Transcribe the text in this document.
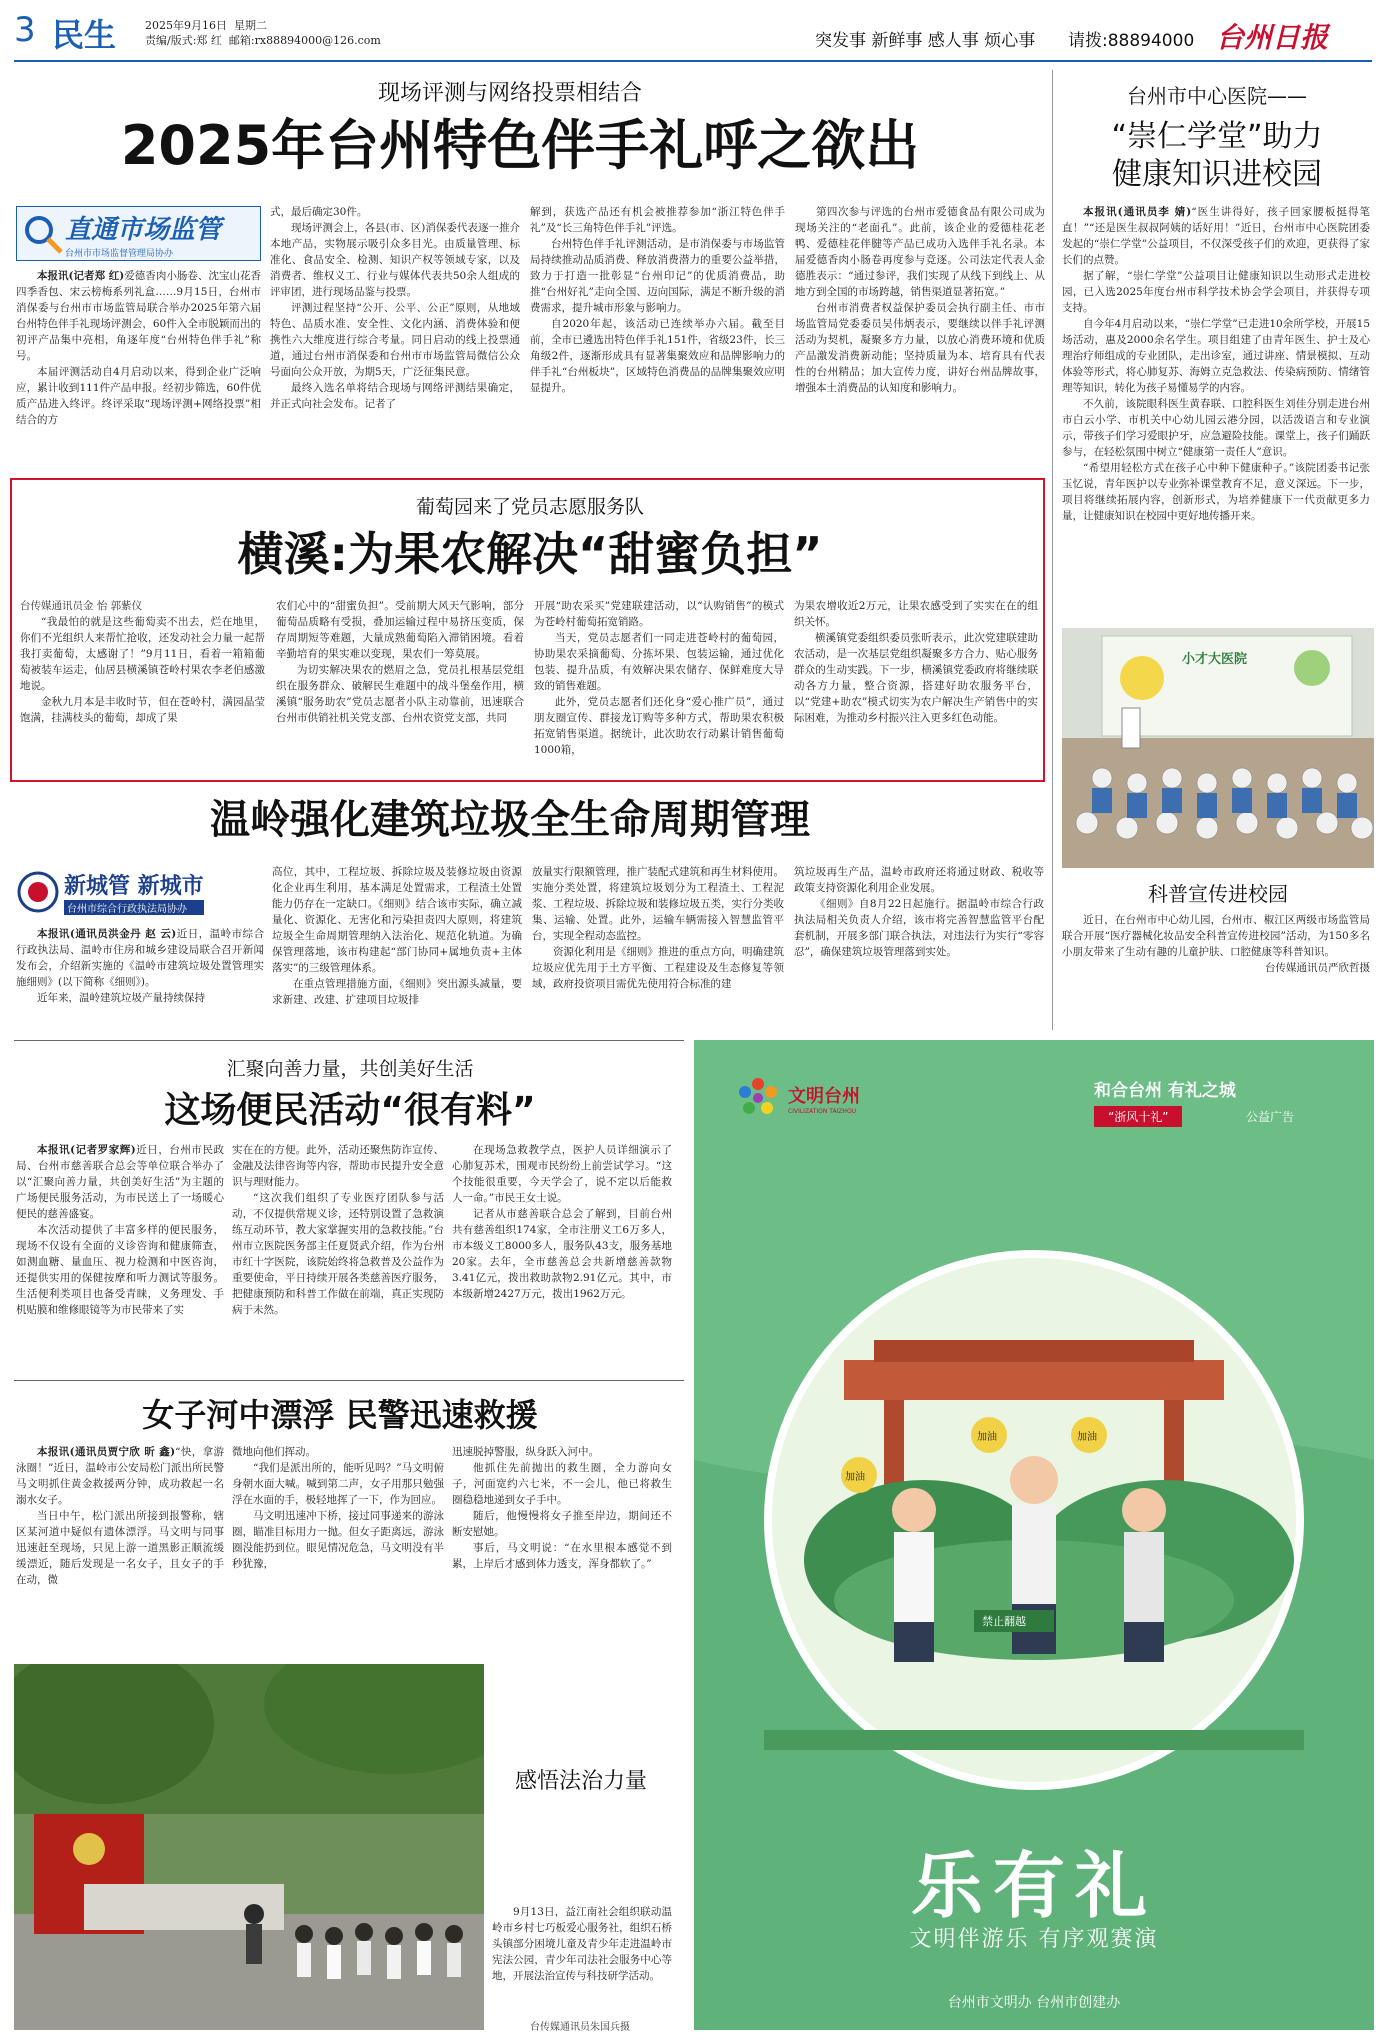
3 民生	2025年9月16日 星期二
责编/版式:郑 红 邮箱:rx88894000@126.com	突发事 新鲜事 感人事 烦心事 请拨:88894000 台州日报
现场评测与网络投票相结合
2025年台州特色伴手礼呼之欲出
直通市场监管
台州市市场监督管理局协办

本报讯(记者郑 红)爱德香肉小肠卷、沈宝山花香四季香包、宋云榜梅系列礼盒……9月15日，台州市消保委与台州市市场监管局联合举办2025年第六届台州特色伴手礼现场评测会，60件入全市脱颖而出的初评产品集中亮相，角逐年度“台州特色伴手礼”称号。

本届评测活动自4月启动以来，得到企业广泛响应，累计收到111件产品申报。经初步筛选，60件优质产品进入终评。终评采取“现场评测+网络投票”相结合的方

式，最后确定30件。

现场评测会上，各县(市、区)消保委代表逐一推介本地产品，实物展示吸引众多目光。由质量管理、标准化、食品安全、检测、知识产权等领域专家，以及消费者、维权义工、行业与媒体代表共50余人组成的评审团，进行现场品鉴与投票。

评测过程坚持“公开、公平、公正”原则，从地域特色、品质水准、安全性、文化内涵、消费体验和便携性六大维度进行综合考量。同日启动的线上投票通道，通过台州市消保委和台州市市场监管局微信公众号面向公众开放，为期5天，广泛征集民意。

最终入选名单将结合现场与网络评测结果确定，并正式向社会发布。记者了

解到，获选产品还有机会被推荐参加“浙江特色伴手礼”及“长三角特色伴手礼”评选。

台州特色伴手礼评测活动，是市消保委与市场监管局持续推动品质消费、释放消费潜力的重要公益举措，致力于打造一批彰显“台州印记”的优质消费品，助推“台州好礼”走向全国、迈向国际，满足不断升级的消费需求，提升城市形象与影响力。

自2020年起，该活动已连续举办六届。截至目前，全市已遴选出特色伴手礼151件，省级23件，长三角级2件，逐渐形成具有显著集聚效应和品牌影响力的伴手礼“台州板块”，区域特色消费品的品牌集聚效应明显提升。

第四次参与评选的台州市爱德食品有限公司成为现场关注的“老面孔”。此前，该企业的爱德桂花老鸭、爱德桂花伴腱等产品已成功入选伴手礼名录。本届爱德香肉小肠卷再度参与竞逐。公司法定代表人金德胜表示：“通过参评，我们实现了从线下到线上、从地方到全国的市场跨越，销售渠道显著拓宽。”

台州市消费者权益保护委员会执行副主任、市市场监管局党委委员吴伟炳表示，要继续以伴手礼评测活动为契机，凝聚多方力量，以放心消费环境和优质产品激发消费新动能；坚持质量为本、培育具有代表性的台州精品；加大宣传力度，讲好台州品牌故事，增强本土消费品的认知度和影响力。

葡萄园来了党员志愿服务队
横溪:为果农解决“甜蜜负担”
台传媒通讯员金 怡 郭紫仪

“我最怕的就是这些葡萄卖不出去，烂在地里，你们不光组织人来帮忙抢收，还发动社会力量一起帮我打卖葡萄，太感谢了！”9月11日，看着一箱箱葡萄被装车运走，仙居县横溪镇苍岭村果农李老伯感激地说。

金秋九月本是丰收时节，但在苍岭村，满园晶莹饱满，挂满枝头的葡萄，却成了果

农们心中的“甜蜜负担”。受前期大风天气影响，部分葡萄品质略有受损，叠加运输过程中易挤压变质，保存周期短等难题，大量成熟葡萄陷入滞销困境。看着辛勤培育的果实难以变现，果农们一筹莫展。

为切实解决果农的燃眉之急，党员扎根基层党组织在服务群众、破解民生难题中的战斗堡垒作用，横溪镇“服务助农”党员志愿者小队主动靠前，迅速联合台州市供销社机关党支部、台州农资党支部，共同

开展“助农采买”党建联建活动，以“认购销售”的模式为苍岭村葡萄拓宽销路。

当天，党员志愿者们一同走进苍岭村的葡萄园，协助果农采摘葡萄、分拣坏果、包装运输，通过优化包装、提升品质，有效解决果农储存、保鲜难度大导致的销售难题。

此外，党员志愿者们还化身“爱心推广员”，通过朋友圈宣传、群接龙订购等多种方式，帮助果农积极拓宽销售渠道。据统计，此次助农行动累计销售葡萄1000箱，

为果农增收近2万元，让果农感受到了实实在在的组织关怀。

横溪镇党委组织委员张昕表示，此次党建联建助农活动，是一次基层党组织凝聚多方合力、贴心服务群众的生动实践。下一步，横溪镇党委政府将继续联动各方力量，整合资源，搭建好助农服务平台，以“党建+助农”模式切实为农户解决生产销售中的实际困难，为推动乡村振兴注入更多红色动能。

台州市中心医院——
“崇仁学堂”助力
健康知识进校园

本报讯(通讯员李 婧)“医生讲得好，孩子回家腰板挺得笔直！”“还是医生叔叔阿姨的话好用！”近日，台州市中心医院团委发起的“崇仁学堂”公益项目，不仅深受孩子们的欢迎，更获得了家长们的点赞。

据了解，“崇仁学堂”公益项目让健康知识以生动形式走进校园，已入选2025年度台州市科学技术协会学会项目，并获得专项支持。

自今年4月启动以来，“崇仁学堂”已走进10余所学校，开展15场活动，惠及2000余名学生。项目组建了由青年医生、护士及心理治疗师组成的专业团队，走出诊室，通过讲座、情景模拟、互动体验等形式，将心肺复苏、海姆立克急救法、传染病预防、情绪管理等知识，转化为孩子易懂易学的内容。

不久前，该院眼科医生黄春联、口腔科医生刘佳分别走进台州市白云小学、市机关中心幼儿园云港分园，以活泼语言和专业演示，带孩子们学习爱眼护牙，应急避险技能。课堂上，孩子们踊跃参与，在轻松氛围中树立“健康第一责任人”意识。

“希望用轻松方式在孩子心中种下健康种子。”该院团委书记张玉忆说，青年医护以专业弥补课堂教育不足，意义深远。下一步，项目将继续拓展内容，创新形式，为培养健康下一代贡献更多力量，让健康知识在校园中更好地传播开来。

小才大医院
科普宣传进校园

近日，在台州市中心幼儿园，台州市、椒江区两级市场监管局联合开展“医疗器械化妆品安全科普宣传进校园”活动，为150多名小朋友带来了生动有趣的儿童护肤、口腔健康等科普知识。

台传媒通讯员严欣哲摄

温岭强化建筑垃圾全生命周期管理
新城管 新城市
台州市综合行政执法局协办

本报讯(通讯员洪金丹 赵 云)近日，温岭市综合行政执法局、温岭市住房和城乡建设局联合召开新闻发布会，介绍新实施的《温岭市建筑垃圾处置管理实施细则》(以下简称《细则》)。

近年来，温岭建筑垃圾产量持续保持

高位，其中，工程垃圾、拆除垃圾及装修垃圾由资源化企业再生利用，基本满足处置需求，工程渣土处置能力仍存在一定缺口。《细则》结合该市实际，确立减量化、资源化、无害化和污染担责四大原则，将建筑垃圾全生命周期管理纳入法治化、规范化轨道。为确保管理落地，该市构建起“部门协同+属地负责+主体落实”的三级管理体系。

在重点管理措施方面，《细则》突出源头减量，要求新建、改建、扩建项目垃圾排

放量实行限额管理，推广装配式建筑和再生材料使用。实施分类处置，将建筑垃圾划分为工程渣土、工程泥浆、工程垃圾、拆除垃圾和装修垃圾五类，实行分类收集、运输、处置。此外，运输车辆需接入智慧监管平台，实现全程动态监控。

资源化利用是《细则》推进的重点方向，明确建筑垃圾应优先用于土方平衡、工程建设及生态修复等领域，政府投资项目需优先使用符合标准的建

筑垃圾再生产品，温岭市政府还将通过财政、税收等政策支持资源化利用企业发展。

《细则》自8月22日起施行。据温岭市综合行政执法局相关负责人介绍，该市将完善智慧监管平台配套机制，开展多部门联合执法，对违法行为实行“零容忍”，确保建筑垃圾管理落到实处。

汇聚向善力量，共创美好生活
这场便民活动“很有料”

本报讯(记者罗家辉)近日，台州市民政局、台州市慈善联合总会等单位联合举办了以“汇聚向善力量，共创美好生活”为主题的广场便民服务活动，为市民送上了一场暖心便民的慈善盛宴。

本次活动提供了丰富多样的便民服务，现场不仅设有全面的义诊咨询和健康筛查，如测血糖、量血压、视力检测和中医咨询，还提供实用的保健按摩和听力测试等服务。生活便利类项目也备受青睐，义务理发、手机贴膜和维修眼镜等为市民带来了实

实在在的方便。此外，活动还聚焦防诈宣传、金融及法律咨询等内容，帮助市民提升安全意识与理财能力。

“这次我们组织了专业医疗团队参与活动，不仅提供常规义诊，还特别设置了急救演练互动环节，教大家掌握实用的急救技能。”台州市立医院医务部主任夏贤武介绍，作为台州市红十字医院，该院始终将急救普及公益作为重要使命，平日持续开展各类慈善医疗服务，把健康预防和科普工作做在前端，真正实现防病于未然。

在现场急救教学点，医护人员详细演示了心肺复苏术，围观市民纷纷上前尝试学习。“这个技能很重要，今天学会了，说不定以后能救人一命。”市民王女士说。

记者从市慈善联合总会了解到，目前台州共有慈善组织174家，全市注册义工6万多人，市本级义工8000多人，服务队43支，服务基地20家。去年，全市慈善总会共新增慈善款物3.41亿元，拨出救助款物2.91亿元。其中，市本级新增2427万元，拨出1962万元。

女子河中漂浮 民警迅速救援

本报讯(通讯员贾宁欣 昕 鑫)“快，拿游泳圈！”近日，温岭市公安局松门派出所民警马文明抓住黄金救援两分钟，成功救起一名溺水女子。

当日中午，松门派出所接到报警称，辖区某河道中疑似有遗体漂浮。马文明与同事迅速赶至现场，只见上游一道黑影正顺流缓缓漂近，随后发现是一名女子，且女子的手在动，微

微地向他们挥动。

“我们是派出所的，能听见吗？”马文明俯身朝水面大喊。喊到第二声，女子用那只勉强浮在水面的手，极轻地挥了一下，作为回应。

马文明迅速冲下桥，接过同事递来的游泳圈，瞄准目标用力一抛。但女子距离远，游泳圈没能扔到位。眼见情况危急，马文明没有半秒犹豫，

迅速脱掉警服，纵身跃入河中。

他抓住先前抛出的救生圈，全力游向女子，河面宽约六七米，不一会儿，他已将救生圈稳稳地递到女子手中。

随后，他慢慢将女子推至岸边，期间还不断安慰她。

事后，马文明说：“在水里根本感觉不到累，上岸后才感到体力透支，浑身都软了。”

感悟法治力量

9月13日，益江南社会组织联动温岭市乡村七巧板爱心服务社，组织石桥头镇部分困境儿童及青少年走进温岭市宪法公园，青少年司法社会服务中心等地，开展法治宣传与科技研学活动。

台传媒通讯员朱国兵摄
加油
加油	加油
禁止翻越
文明台州
CIVILIZATION TAIZHOU
和合台州 有礼之城
“浙风十礼”	公益广告
乐有礼
文明伴游乐 有序观赛演
台州市文明办 台州市创建办
